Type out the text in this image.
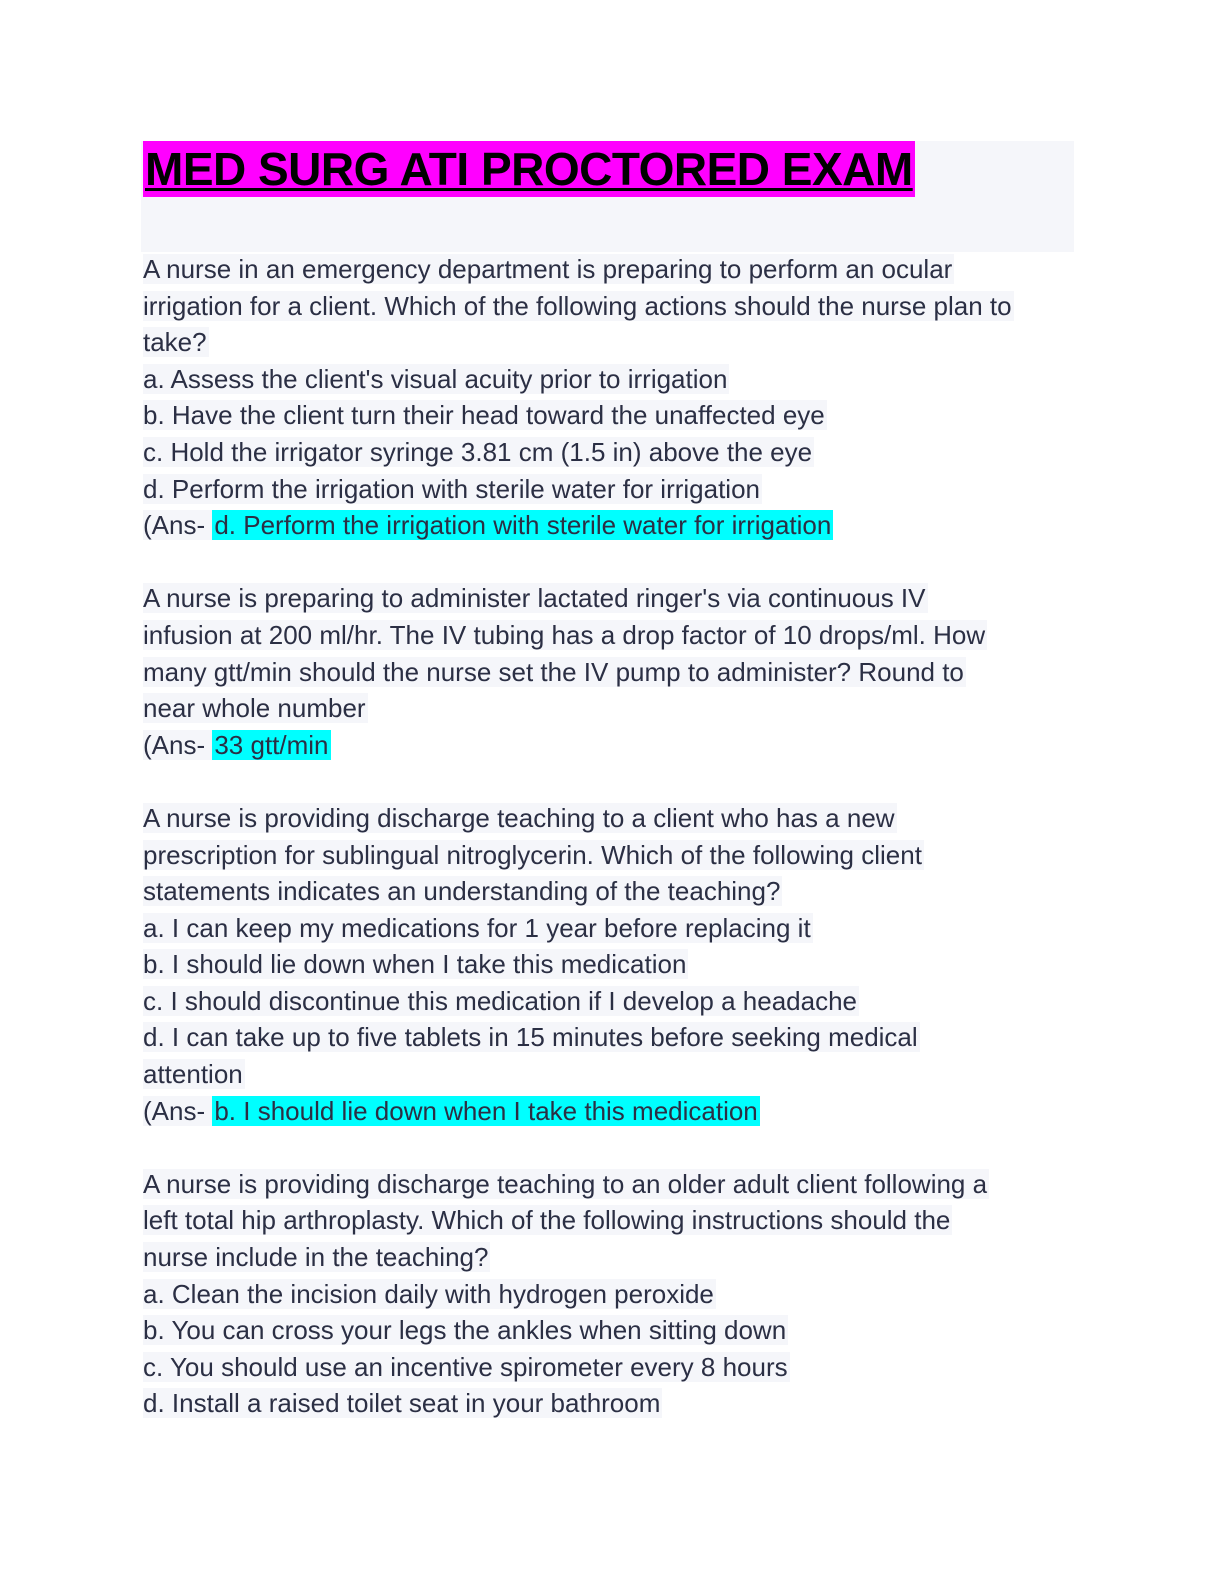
MED SURG ATI PROCTORED EXAM
A nurse in an emergency department is preparing to perform an ocular
irrigation for a client. Which of the following actions should the nurse plan to
take?
a. Assess the client's visual acuity prior to irrigation
b. Have the client turn their head toward the unaffected eye
c. Hold the irrigator syringe 3.81 cm (1.5 in) above the eye
d. Perform the irrigation with sterile water for irrigation
(Ans- d. Perform the irrigation with sterile water for irrigation
A nurse is preparing to administer lactated ringer's via continuous IV
infusion at 200 ml/hr. The IV tubing has a drop factor of 10 drops/ml. How
many gtt/min should the nurse set the IV pump to administer? Round to
near whole number
(Ans- 33 gtt/min
A nurse is providing discharge teaching to a client who has a new
prescription for sublingual nitroglycerin. Which of the following client
statements indicates an understanding of the teaching?
a. I can keep my medications for 1 year before replacing it
b. I should lie down when I take this medication
c. I should discontinue this medication if I develop a headache
d. I can take up to five tablets in 15 minutes before seeking medical
attention
(Ans- b. I should lie down when I take this medication
A nurse is providing discharge teaching to an older adult client following a
left total hip arthroplasty. Which of the following instructions should the
nurse include in the teaching?
a. Clean the incision daily with hydrogen peroxide
b. You can cross your legs the ankles when sitting down
c. You should use an incentive spirometer every 8 hours
d. Install a raised toilet seat in your bathroom
